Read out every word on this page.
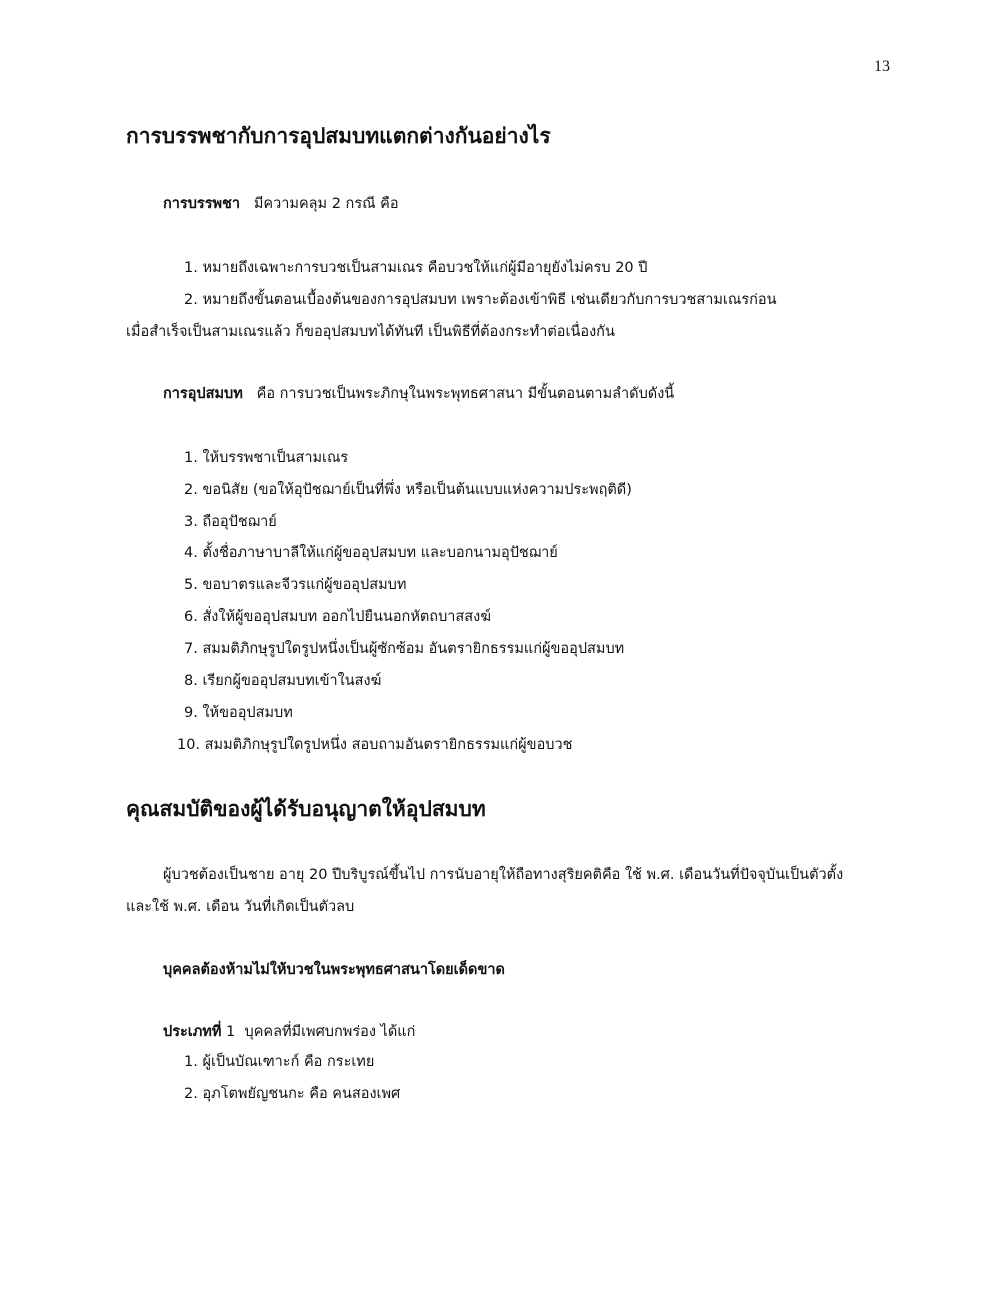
13
การบรรพชากับการอุปสมบทแตกต่างกันอย่างไร
การบรรพชา มีความคลุม 2 กรณี คือ
1. หมายถึงเฉพาะการบวชเป็นสามเณร คือบวชให้แก่ผู้มีอายุยังไม่ครบ 20 ปี
2. หมายถึงขั้นตอนเบื้องต้นของการอุปสมบท เพราะต้องเข้าพิธี เช่นเดียวกับการบวชสามเณรก่อน
เมื่อสำเร็จเป็นสามเณรแล้ว ก็ขออุปสมบทได้ทันที เป็นพิธีที่ต้องกระทำต่อเนื่องกัน
การอุปสมบท คือ การบวชเป็นพระภิกษุในพระพุทธศาสนา มีขั้นตอนตามลำดับดังนี้
1. ให้บรรพชาเป็นสามเณร
2. ขอนิสัย (ขอให้อุปัชฌาย์เป็นที่พึ่ง หรือเป็นต้นแบบแห่งความประพฤติดี)
3. ถืออุปัชฌาย์
4. ตั้งชื่อภาษาบาลีให้แก่ผู้ขออุปสมบท และบอกนามอุปัชฌาย์
5. ขอบาตรและจีวรแก่ผู้ขออุปสมบท
6. สั่งให้ผู้ขออุปสมบท ออกไปยืนนอกหัตถบาสสงฆ์
7. สมมติภิกษุรูปใดรูปหนึ่งเป็นผู้ซักซ้อม อันตรายิกธรรมแก่ผู้ขออุปสมบท
8. เรียกผู้ขออุปสมบทเข้าในสงฆ์
9. ให้ขออุปสมบท
10. สมมติภิกษุรูปใดรูปหนึ่ง สอบถามอันตรายิกธรรมแก่ผู้ขอบวช
คุณสมบัติของผู้ได้รับอนุญาตให้อุปสมบท
ผู้บวชต้องเป็นชาย อายุ 20 ปีบริบูรณ์ขึ้นไป การนับอายุให้ถือทางสุริยคติคือ ใช้ พ.ศ. เดือนวันที่ปัจจุบันเป็นตัวตั้ง
และใช้ พ.ศ. เดือน วันที่เกิดเป็นตัวลบ
บุคคลต้องห้ามไม่ให้บวชในพระพุทธศาสนาโดยเด็ดขาด
ประเภทที่ 1 บุคคลที่มีเพศบกพร่อง ได้แก่
1. ผู้เป็นบัณเฑาะก์ คือ กระเทย
2. อุภโตพยัญชนกะ คือ คนสองเพศ
